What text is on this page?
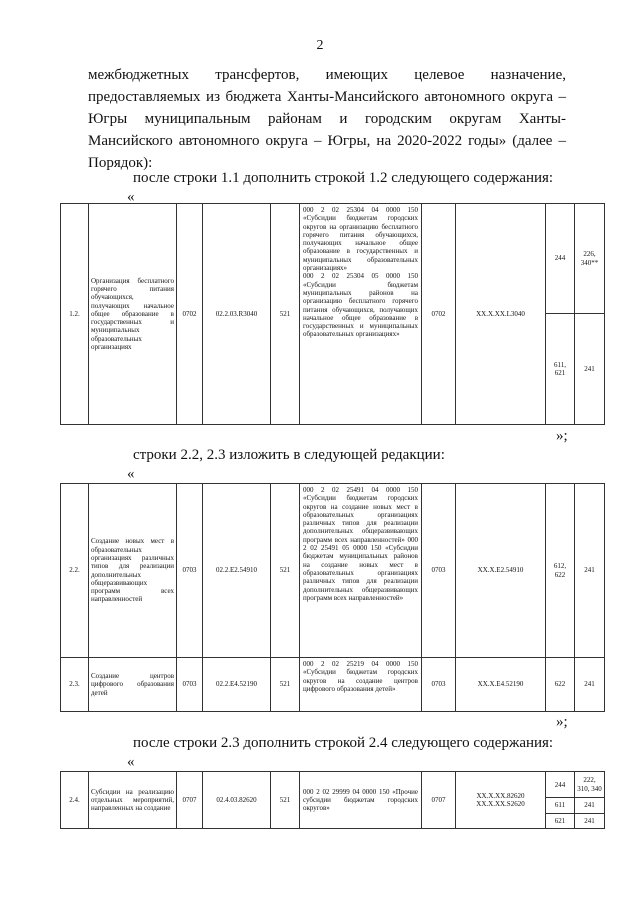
2
межбюджетных трансфертов, имеющих целевое назначение, предоставляемых из бюджета Ханты-Мансийского автономного округа – Югры муниципальным районам и городским округам Ханты-Мансийского автономного округа – Югры, на 2020-2022 годы» (далее – Порядок):
после строки 1.1 дополнить строкой 1.2 следующего содержания:
«
1.2.	Организация бесплатного горячего питания обучающихся, получающих начальное общее образование в государственных и муниципальных образовательных организациях	0702	02.2.03.R3040	521	000 2 02 25304 04 0000 150 «Субсидии бюджетам городских округов на организацию бесплатного горячего питания обучающихся, получающих начальное общее образование в государственных и муниципальных образовательных организациях»
000 2 02 25304 05 0000 150 «Субсидии бюджетам муниципальных районов на организацию бесплатного горячего питания обучающихся, получающих начальное общее образование в государственных и муниципальных образовательных организациях»	0702	XX.X.XX.L3040	244	226, 340**
								611, 621	241
»;
строки 2.2, 2.3 изложить в следующей редакции:
«
2.2.	Создание новых мест в образовательных организациях различных типов для реализации дополнительных общеразвивающих программ всех направленностей	0703	02.2.E2.54910	521	000 2 02 25491 04 0000 150 «Субсидии бюджетам городских округов на создание новых мест в образовательных организациях различных типов для реализации дополнительных общеразвивающих программ всех направленностей» 000 2 02 25491 05 0000 150 «Субсидии бюджетам муниципальных районов на создание новых мест в образовательных организациях различных типов для реализации дополнительных общеразвивающих программ всех направленностей»	0703	XX.X.E2.54910	612, 622	241
2.3.	Создание центров цифрового образования детей	0703	02.2.E4.52190	521	000 2 02 25219 04 0000 150 «Субсидии бюджетам городских округов на создание центров цифрового образования детей»	0703	XX.X.E4.52190	622	241
»;
после строки 2.3 дополнить строкой 2.4 следующего содержания:
«
2.4.	Субсидии на реализацию отдельных мероприятий, направленных на создание	0707	02.4.03.82620	521	000 2 02 29999 04 0000 150 «Прочие субсидии бюджетам городских округов»	0707	XX.X.XX.82620 XX.X.XX.S2620	244	222, 310, 340
								611	241
								621	241
